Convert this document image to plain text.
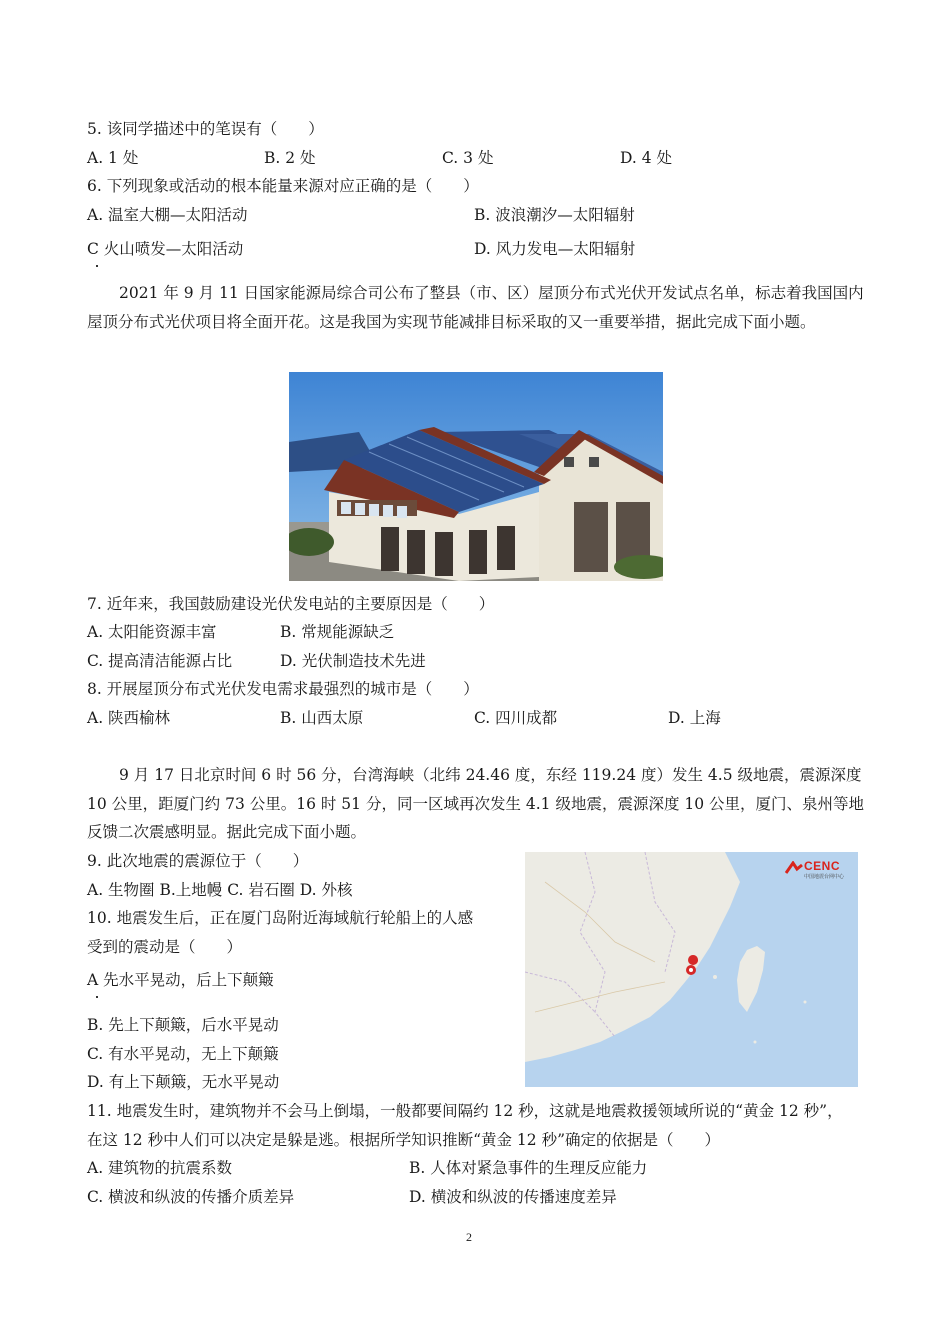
5. 该同学描述中的笔误有（　　）
A. 1 处	B. 2 处	C. 3 处	D. 4 处
6. 下列现象或活动的根本能量来源对应正确的是（　　）
A. 温室大棚—太阳活动	B. 波浪潮汐—太阳辐射
C 火山喷发—太阳活动	D. 风力发电—太阳辐射
2021 年 9 月 11 日国家能源局综合司公布了整县（市、区）屋顶分布式光伏开发试点名单，标志着我国国内屋顶分布式光伏项目将全面开花。这是我国为实现节能减排目标采取的又一重要举措，据此完成下面小题。
7. 近年来，我国鼓励建设光伏发电站的主要原因是（　　）
A. 太阳能资源丰富	B. 常规能源缺乏
C. 提高清洁能源占比	D. 光伏制造技术先进
8. 开展屋顶分布式光伏发电需求最强烈的城市是（　　）
A. 陕西榆林	B. 山西太原	C. 四川成都	D. 上海
9 月 17 日北京时间 6 时 56 分，台湾海峡（北纬 24.46 度，东经 119.24 度）发生 4.5 级地震，震源深度 10 公里，距厦门约 73 公里。16 时 51 分，同一区域再次发生 4.1 级地震，震源深度 10 公里，厦门、泉州等地反馈二次震感明显。据此完成下面小题。
9. 此次地震的震源位于（　　）
A. 生物圈 B.上地幔 C. 岩石圈 D. 外核
10. 地震发生后，正在厦门岛附近海域航行轮船上的人感
受到的震动是（　　）
A 先水平晃动，后上下颠簸
B. 先上下颠簸，后水平晃动
C. 有水平晃动，无上下颠簸
D. 有上下颠簸，无水平晃动
CENC
中国地震台网中心
11. 地震发生时，建筑物并不会马上倒塌，一般都要间隔约 12 秒，这就是地震救援领域所说的“黄金 12 秒”，
在这 12 秒中人们可以决定是躲是逃。根据所学知识推断“黄金 12 秒”确定的依据是（　　）
A. 建筑物的抗震系数	B. 人体对紧急事件的生理反应能力
C. 横波和纵波的传播介质差异	D. 横波和纵波的传播速度差异
2
